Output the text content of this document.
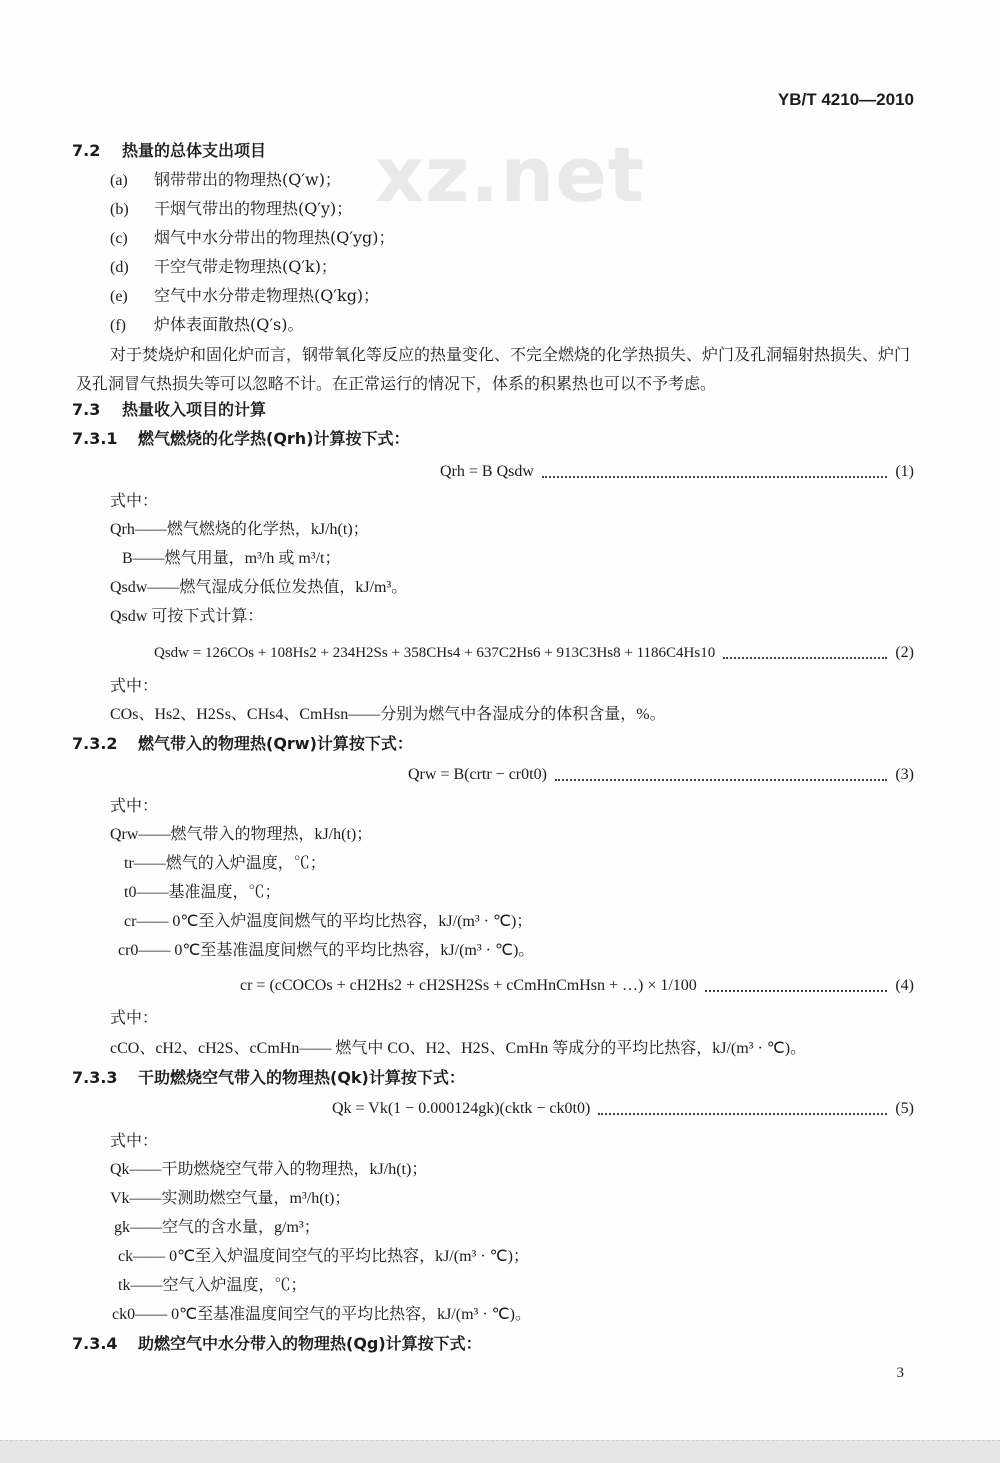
xz.net
YB/T 4210—2010
7.2 热量的总体支出项目
(a) 钢带带出的物理热(Q′w)；
(b) 干烟气带出的物理热(Q′y)；
(c) 烟气中水分带出的物理热(Q′yg)；
(d) 干空气带走物理热(Q′k)；
(e) 空气中水分带走物理热(Q′kg)；
(f) 炉体表面散热(Q′s)。
对于焚烧炉和固化炉而言，钢带氧化等反应的热量变化、不完全燃烧的化学热损失、炉门及孔洞辐射热损失、炉门及孔洞冒气热损失等可以忽略不计。在正常运行的情况下，体系的积累热也可以不予考虑。
7.3 热量收入项目的计算
7.3.1 燃气燃烧的化学热(Qrh)计算按下式：
Qrh = B Qsdw	(1)
式中：
Qrh——燃气燃烧的化学热，kJ/h(t)；
B——燃气用量，m³/h 或 m³/t；
Qsdw——燃气湿成分低位发热值，kJ/m³。
Qsdw 可按下式计算：
Qsdw = 126COs + 108Hs2 + 234H2Ss + 358CHs4 + 637C2Hs6 + 913C3Hs8 + 1186C4Hs10	(2)
式中：
COs、Hs2、H2Ss、CHs4、CmHsn——分别为燃气中各湿成分的体积含量，%。
7.3.2 燃气带入的物理热(Qrw)计算按下式：
Qrw = B(crtr − cr0t0)	(3)
式中：
Qrw——燃气带入的物理热，kJ/h(t)；
tr——燃气的入炉温度，℃；
t0——基准温度，℃；
cr—— 0℃至入炉温度间燃气的平均比热容，kJ/(m³ · ℃)；
cr0—— 0℃至基准温度间燃气的平均比热容，kJ/(m³ · ℃)。
cr = (cCOCOs + cH2Hs2 + cH2SH2Ss + cCmHnCmHsn + …) × 1/100	(4)
式中：
cCO、cH2、cH2S、cCmHn—— 燃气中 CO、H2、H2S、CmHn 等成分的平均比热容，kJ/(m³ · ℃)。
7.3.3 干助燃烧空气带入的物理热(Qk)计算按下式：
Qk = Vk(1 − 0.000124gk)(cktk − ck0t0)	(5)
式中：
Qk——干助燃烧空气带入的物理热，kJ/h(t)；
Vk——实测助燃空气量，m³/h(t)；
gk——空气的含水量，g/m³；
ck—— 0℃至入炉温度间空气的平均比热容，kJ/(m³ · ℃)；
tk——空气入炉温度，℃；
ck0—— 0℃至基准温度间空气的平均比热容，kJ/(m³ · ℃)。
7.3.4 助燃空气中水分带入的物理热(Qg)计算按下式：
3
